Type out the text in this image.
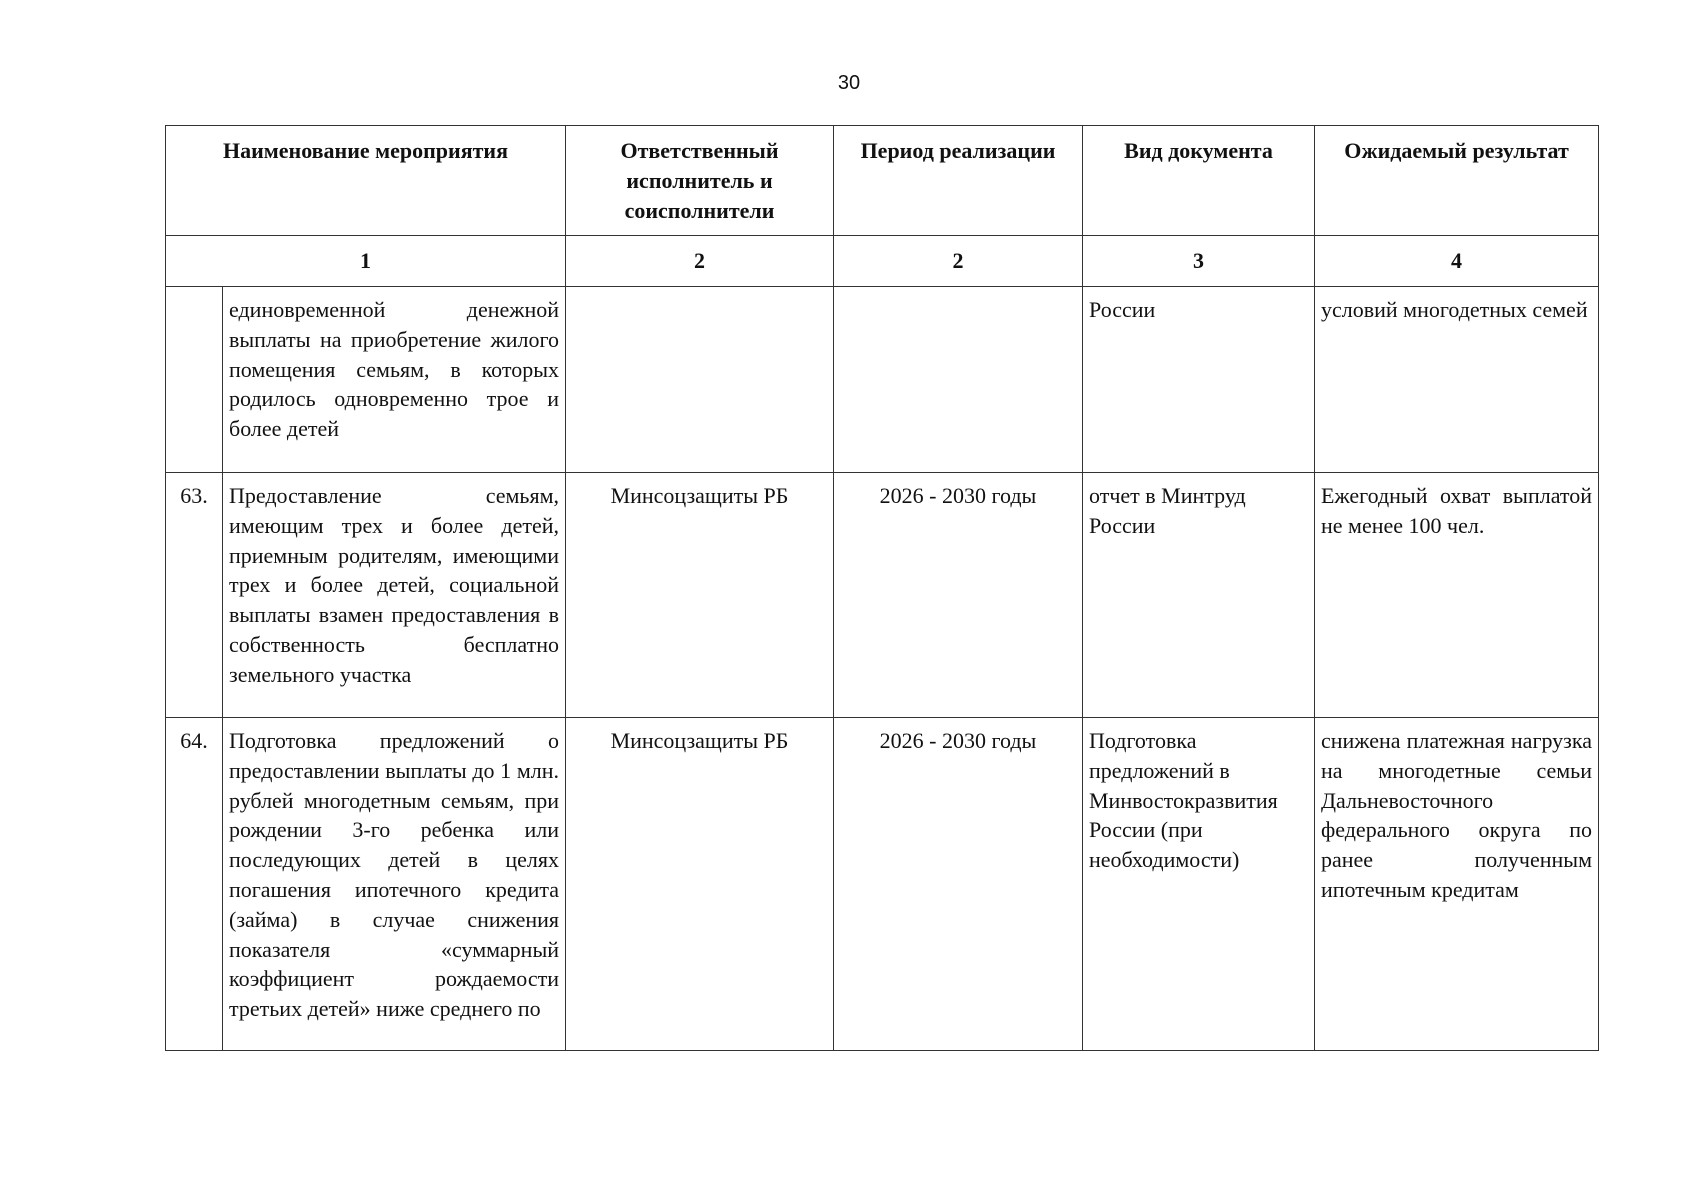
30
Наименование мероприятия		Ответственный исполнитель и соисполнители	Период реализации	Вид документа	Ожидаемый результат
1		2	2	3	4
	единовременной денежной выплаты на приобретение жилого помещения семьям, в которых родилось одновременно трое и более детей			России	условий многодетных семей
63.	Предоставление семьям, имеющим трех и более детей, приемным родителям, имеющими трех и более детей, социальной выплаты взамен предоставления в собственность бесплатно земельного участка	Минсоцзащиты РБ	2026 - 2030 годы	отчет в Минтруд России	Ежегодный охват выплатой не менее 100 чел.
64.	Подготовка предложений о предоставлении выплаты до 1 млн. рублей многодетным семьям, при рождении 3-го ребенка или последующих детей в целях погашения ипотечного кредита (займа) в случае снижения показателя «суммарный коэффициент рождаемости третьих детей» ниже среднего по	Минсоцзащиты РБ	2026 - 2030 годы	Подготовка предложений в Минвостокразвития России (при необходимости)	снижена платежная нагрузка на многодетные семьи Дальневосточного федерального округа по ранее полученным ипотечным кредитам
